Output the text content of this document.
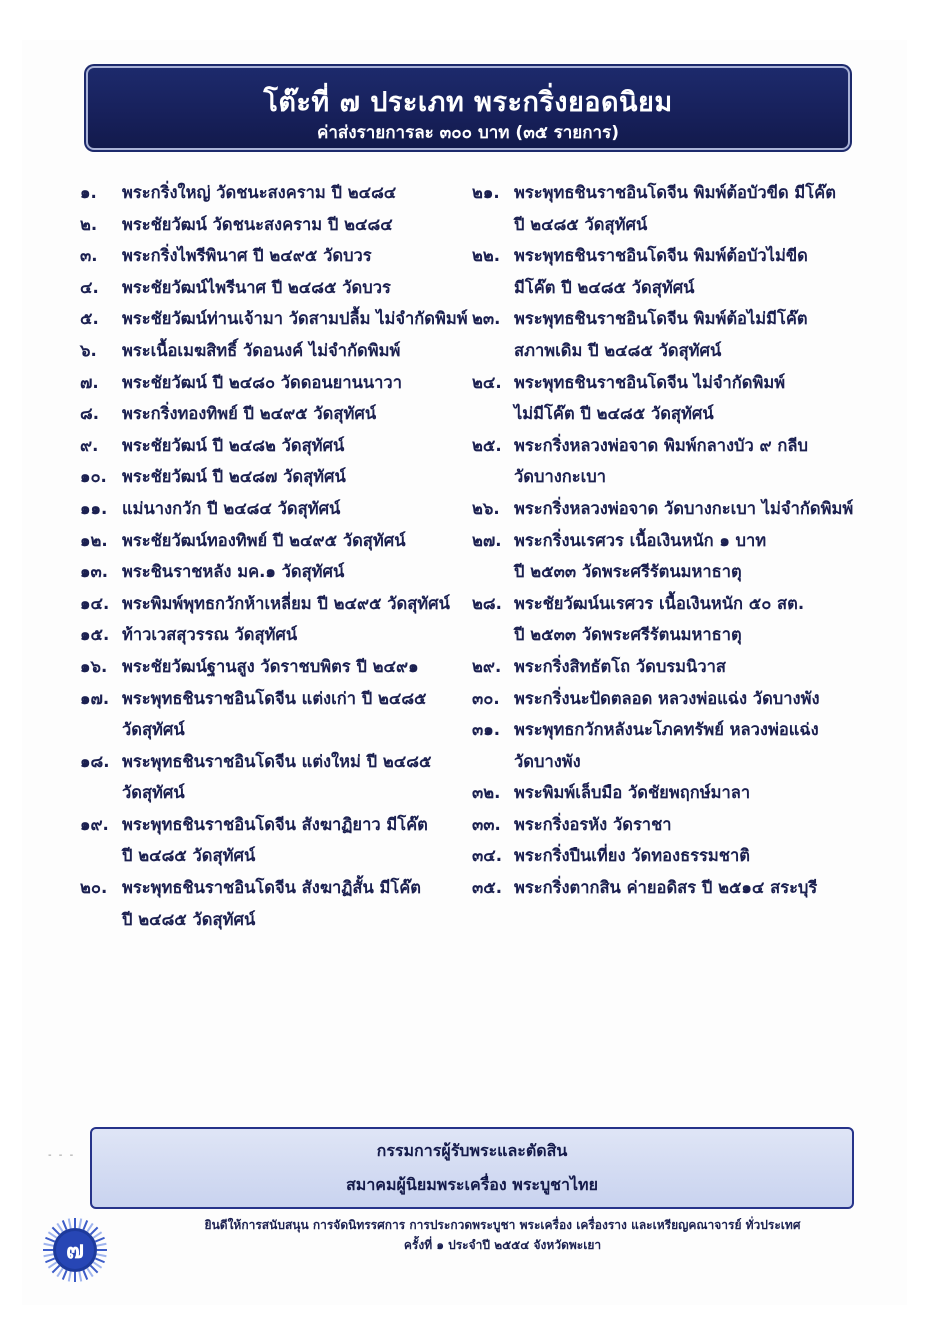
โต๊ะที่ ๗ ประเภท พระกริ่งยอดนิยม
ค่าส่งรายการละ ๓๐๐ บาท (๓๕ รายการ)
๑.	พระกริ่งใหญ่ วัดชนะสงคราม ปี ๒๔๘๔
๒.	พระชัยวัฒน์ วัดชนะสงคราม ปี ๒๔๘๔
๓.	พระกริ่งไพรีพินาศ ปี ๒๔๙๕ วัดบวร
๔.	พระชัยวัฒน์ไพรีนาศ ปี ๒๔๘๕ วัดบวร
๕.	พระชัยวัฒน์ท่านเจ้ามา วัดสามปลื้ม ไม่จำกัดพิมพ์
๖.	พระเนื้อเมฆสิทธิ์ วัดอนงค์ ไม่จำกัดพิมพ์
๗.	พระชัยวัฒน์ ปี ๒๔๘๐ วัดดอนยานนาวา
๘.	พระกริ่งทองทิพย์ ปี ๒๔๙๕ วัดสุทัศน์
๙.	พระชัยวัฒน์ ปี ๒๔๘๒ วัดสุทัศน์
๑๐. พระชัยวัฒน์ ปี ๒๔๘๗ วัดสุทัศน์
๑๑. แม่นางกวัก ปี ๒๔๘๔ วัดสุทัศน์
๑๒. พระชัยวัฒน์ทองทิพย์ ปี ๒๔๙๕ วัดสุทัศน์
๑๓. พระชินราชหลัง มค.๑ วัดสุทัศน์
๑๔. พระพิมพ์พุทธกวักห้าเหลี่ยม ปี ๒๔๙๕ วัดสุทัศน์
๑๕. ท้าวเวสสุวรรณ วัดสุทัศน์
๑๖. พระชัยวัฒน์ฐานสูง วัดราชบพิตร ปี ๒๔๙๑
๑๗. พระพุทธชินราชอินโดจีน แต่งเก่า ปี ๒๔๘๕
วัดสุทัศน์
๑๘. พระพุทธชินราชอินโดจีน แต่งใหม่ ปี ๒๔๘๕
วัดสุทัศน์
๑๙. พระพุทธชินราชอินโดจีน สังฆาฏิยาว มีโค๊ต
ปี ๒๔๘๕ วัดสุทัศน์
๒๐. พระพุทธชินราชอินโดจีน สังฆาฏิสั้น มีโค๊ต
ปี ๒๔๘๕ วัดสุทัศน์
๒๑. พระพุทธชินราชอินโดจีน พิมพ์ต้อบัวขีด มีโค๊ต
ปี ๒๔๘๕ วัดสุทัศน์
๒๒. พระพุทธชินราชอินโดจีน พิมพ์ต้อบัวไม่ขีด
มีโค๊ต ปี ๒๔๘๕ วัดสุทัศน์
๒๓. พระพุทธชินราชอินโดจีน พิมพ์ต้อไม่มีโค๊ต
สภาพเดิม ปี ๒๔๘๕ วัดสุทัศน์
๒๔. พระพุทธชินราชอินโดจีน ไม่จำกัดพิมพ์
ไม่มีโค๊ต ปี ๒๔๘๕ วัดสุทัศน์
๒๕. พระกริ่งหลวงพ่อจาด พิมพ์กลางบัว ๙ กลีบ
วัดบางกะเบา
๒๖. พระกริ่งหลวงพ่อจาด วัดบางกะเบา ไม่จำกัดพิมพ์
๒๗. พระกริ่งนเรศวร เนื้อเงินหนัก ๑ บาท
ปี ๒๕๓๓ วัดพระศรีรัตนมหาธาตุ
๒๘. พระชัยวัฒน์นเรศวร เนื้อเงินหนัก ๕๐ สต.
ปี ๒๕๓๓ วัดพระศรีรัตนมหาธาตุ
๒๙. พระกริ่งสิทธัตโถ วัดบรมนิวาส
๓๐. พระกริ่งนะปัดตลอด หลวงพ่อแฉ่ง วัดบางพัง
๓๑. พระพุทธกวักหลังนะโภคทรัพย์ หลวงพ่อแฉ่ง
วัดบางพัง
๓๒. พระพิมพ์เล็บมือ วัดชัยพฤกษ์มาลา
๓๓. พระกริ่งอรหัง วัดราชา
๓๔. พระกริ่งปืนเที่ยง วัดทองธรรมชาติ
๓๕. พระกริ่งตากสิน ค่ายอดิสร ปี ๒๕๑๔ สระบุรี
- - -	กรรมการผู้รับพระและตัดสิน
สมาคมผู้นิยมพระเครื่อง พระบูชาไทย
ยินดีให้การสนับสนุน การจัดนิทรรศการ การประกวดพระบูชา พระเครื่อง เครื่องราง และเหรียญคณาจารย์ ทั่วประเทศ
ครั้งที่ ๑ ประจำปี ๒๕๕๔ จังหวัดพะเยา
๗
